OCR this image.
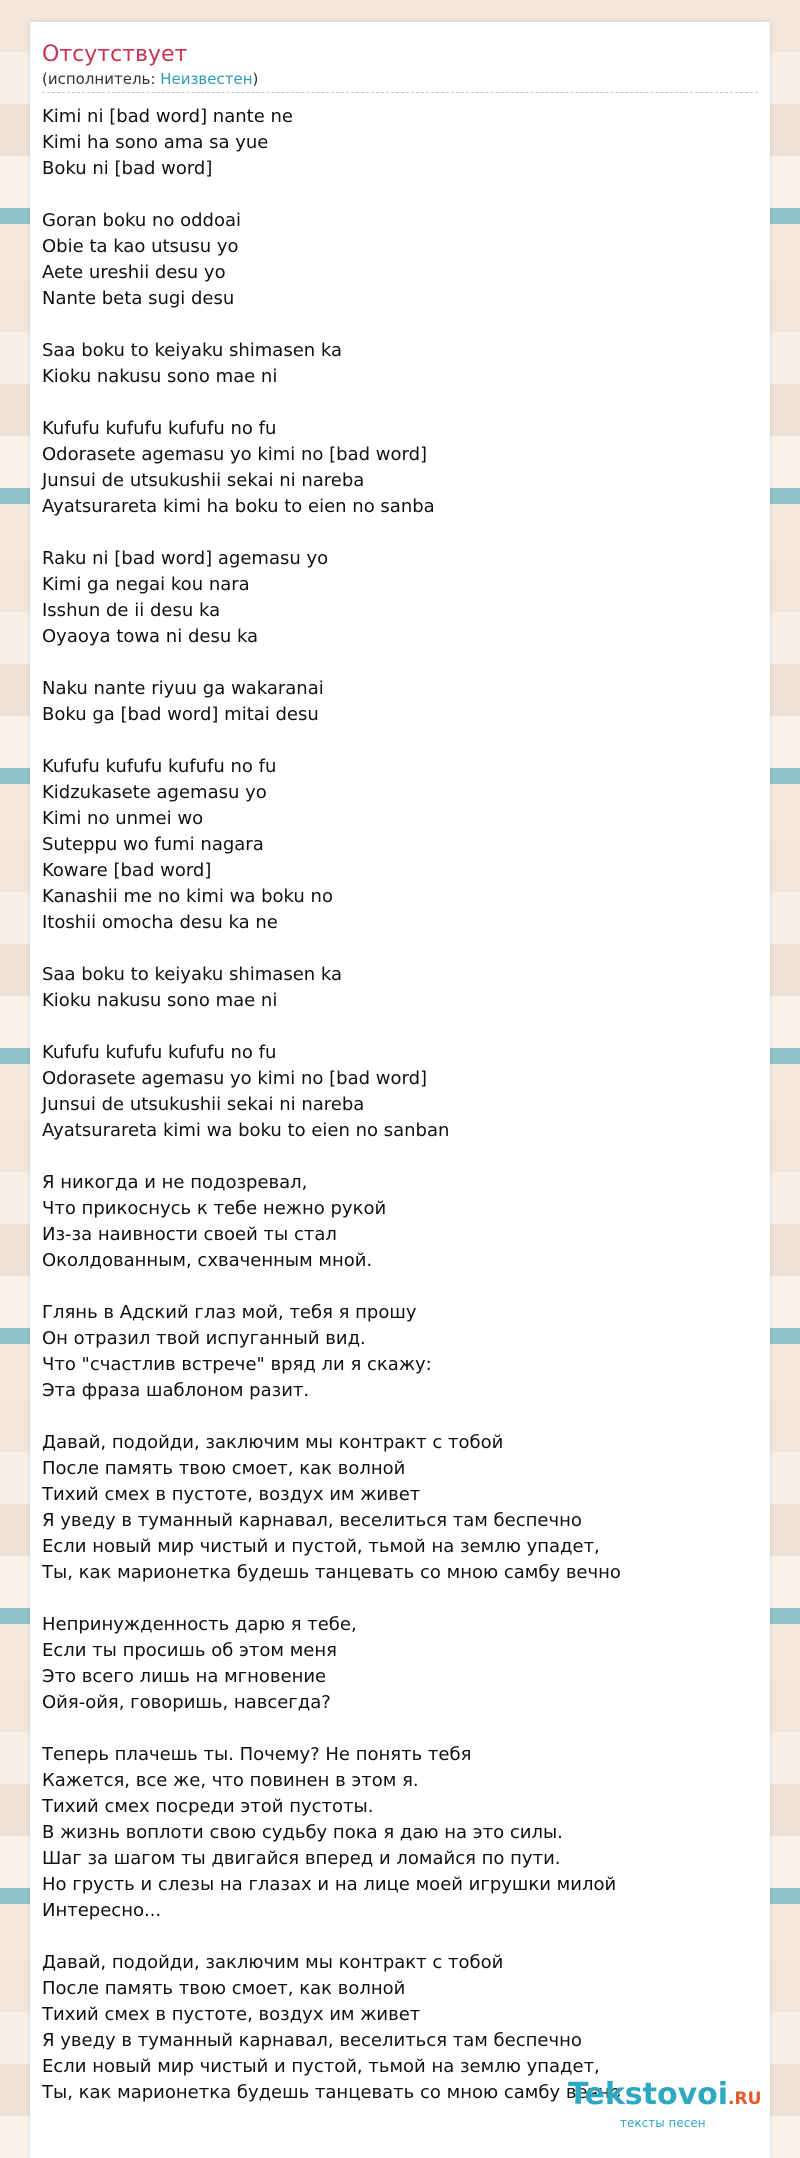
Отсутствует
(исполнитель: Неизвестен)
Kimi ni [bad word] nante ne
Kimi ha sono ama sa yue
Boku ni [bad word]
Goran boku no oddoai
Obie ta kao utsusu yo
Aete ureshii desu yo
Nante beta sugi desu
Saa boku to keiyaku shimasen ka
Kioku nakusu sono mae ni
Kufufu kufufu kufufu no fu
Odorasete agemasu yo kimi no [bad word]
Junsui de utsukushii sekai ni nareba
Ayatsurareta kimi ha boku to eien no sanba
Raku ni [bad word] agemasu yo
Kimi ga negai kou nara
Isshun de ii desu ka
Oyaoya towa ni desu ka
Naku nante riyuu ga wakaranai
Boku ga [bad word] mitai desu
Kufufu kufufu kufufu no fu
Kidzukasete agemasu yo
Kimi no unmei wo
Suteppu wo fumi nagara
Koware [bad word]
Kanashii me no kimi wa boku no
Itoshii omocha desu ka ne
Saa boku to keiyaku shimasen ka
Kioku nakusu sono mae ni
Kufufu kufufu kufufu no fu
Odorasete agemasu yo kimi no [bad word]
Junsui de utsukushii sekai ni nareba
Ayatsurareta kimi wa boku to eien no sanban
Я никогда и не подозревал,
Что прикоснусь к тебе нежно рукой
Из-за наивности своей ты стал
Околдованным, схваченным мной.
Глянь в Адский глаз мой, тебя я прошу
Он отразил твой испуганный вид.
Что "счастлив встрече" вряд ли я скажу:
Эта фраза шаблоном разит.
Давай, подойди, заключим мы контракт с тобой
После память твою смоет, как волной
Тихий смех в пустоте, воздух им живет
Я уведу в туманный карнавал, веселиться там беспечно
Если новый мир чистый и пустой, тьмой на землю упадет,
Ты, как марионетка будешь танцевать со мною самбу вечно
Непринужденность дарю я тебе,
Если ты просишь об этом меня
Это всего лишь на мгновение
Ойя-ойя, говоришь, навсегда?
Теперь плачешь ты. Почему? Не понять тебя
Кажется, все же, что повинен в этом я.
Тихий смех посреди этой пустоты.
В жизнь воплоти свою судьбу пока я даю на это силы.
Шаг за шагом ты двигайся вперед и ломайся по пути.
Но грусть и слезы на глазах и на лице моей игрушки милой
Интересно...
Давай, подойди, заключим мы контракт с тобой
После память твою смоет, как волной
Тихий смех в пустоте, воздух им живет
Я уведу в туманный карнавал, веселиться там беспечно
Если новый мир чистый и пустой, тьмой на землю упадет,
Ты, как марионетка будешь танцевать со мною самбу вечно
Tekstovoi.RU
тексты песен
